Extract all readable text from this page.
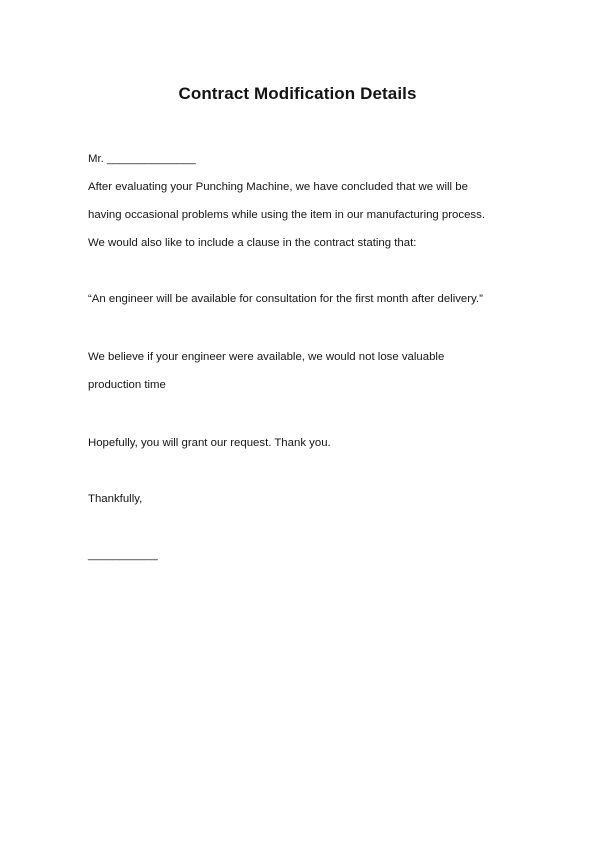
Contract Modification Details

Mr. ______________

After evaluating your Punching Machine, we have concluded that we will be

having occasional problems while using the item in our manufacturing process.

We would also like to include a clause in the contract stating that:

“An engineer will be available for consultation for the first month after delivery.”

We believe if your engineer were available, we would not lose valuable

production time

Hopefully, you will grant our request. Thank you.

Thankfully,

___________
